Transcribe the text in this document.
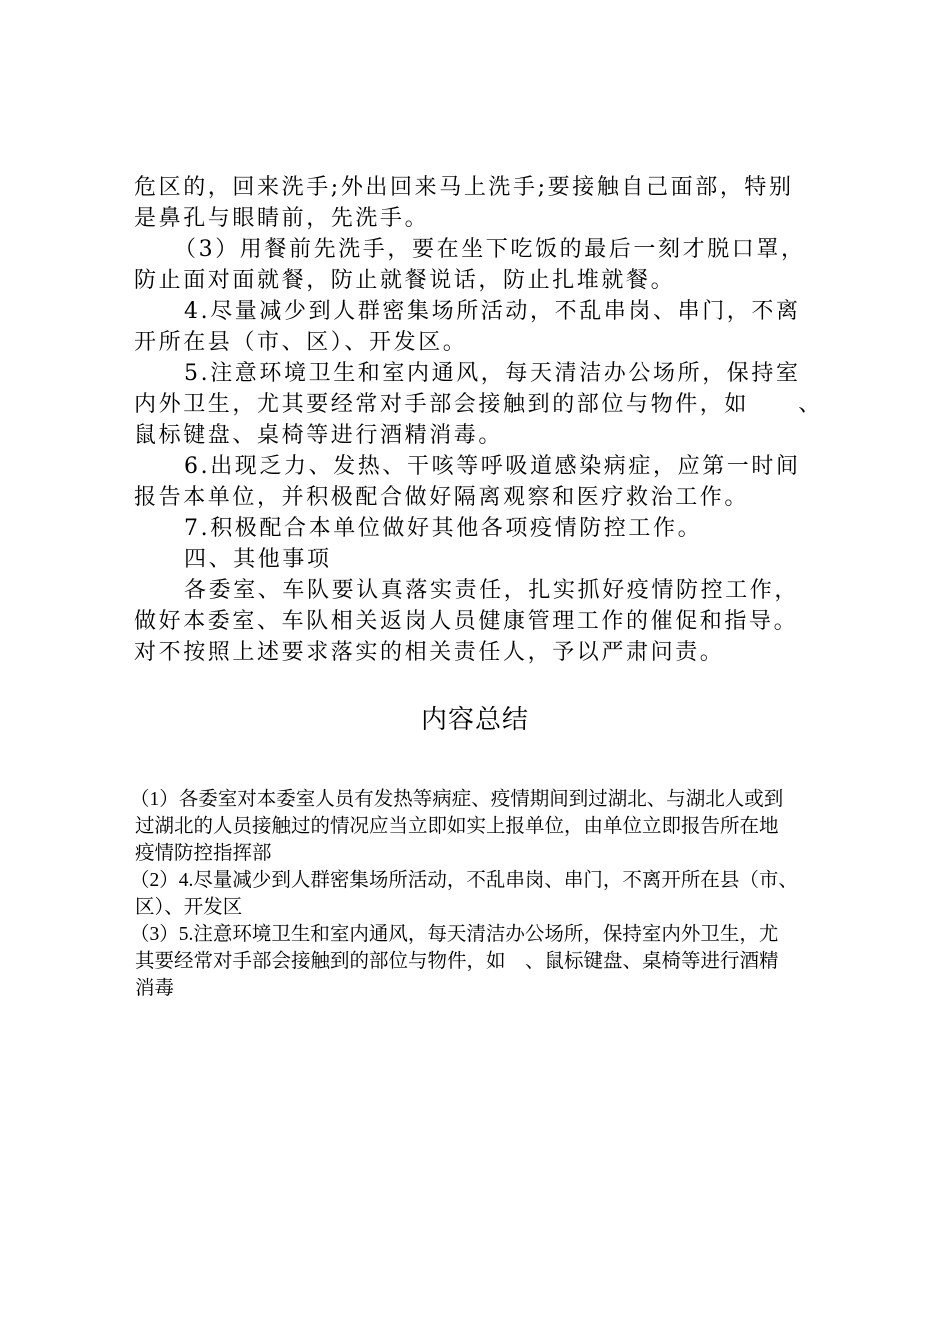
危区的，回来洗手;外出回来马上洗手;要接触自己面部，特别
是鼻孔与眼睛前，先洗手。
（3）用餐前先洗手，要在坐下吃饭的最后一刻才脱口罩，
防止面对面就餐，防止就餐说话，防止扎堆就餐。
4.尽量减少到人群密集场所活动，不乱串岗、串门，不离
开所在县（市、区）、开发区。
5.注意环境卫生和室内通风，每天清洁办公场所，保持室
内外卫生，尤其要经常对手部会接触到的部位与物件，如　　、
鼠标键盘、桌椅等进行酒精消毒。
6.出现乏力、发热、干咳等呼吸道感染病症，应第一时间
报告本单位，并积极配合做好隔离观察和医疗救治工作。
7.积极配合本单位做好其他各项疫情防控工作。
四、其他事项
各委室、车队要认真落实责任，扎实抓好疫情防控工作，
做好本委室、车队相关返岗人员健康管理工作的催促和指导。
对不按照上述要求落实的相关责任人，予以严肃问责。
内容总结
（1）各委室对本委室人员有发热等病症、疫情期间到过湖北、与湖北人或到
过湖北的人员接触过的情况应当立即如实上报单位，由单位立即报告所在地
疫情防控指挥部
（2）4.尽量减少到人群密集场所活动，不乱串岗、串门，不离开所在县（市、
区）、开发区
（3）5.注意环境卫生和室内通风，每天清洁办公场所，保持室内外卫生，尤
其要经常对手部会接触到的部位与物件，如　、鼠标键盘、桌椅等进行酒精
消毒
